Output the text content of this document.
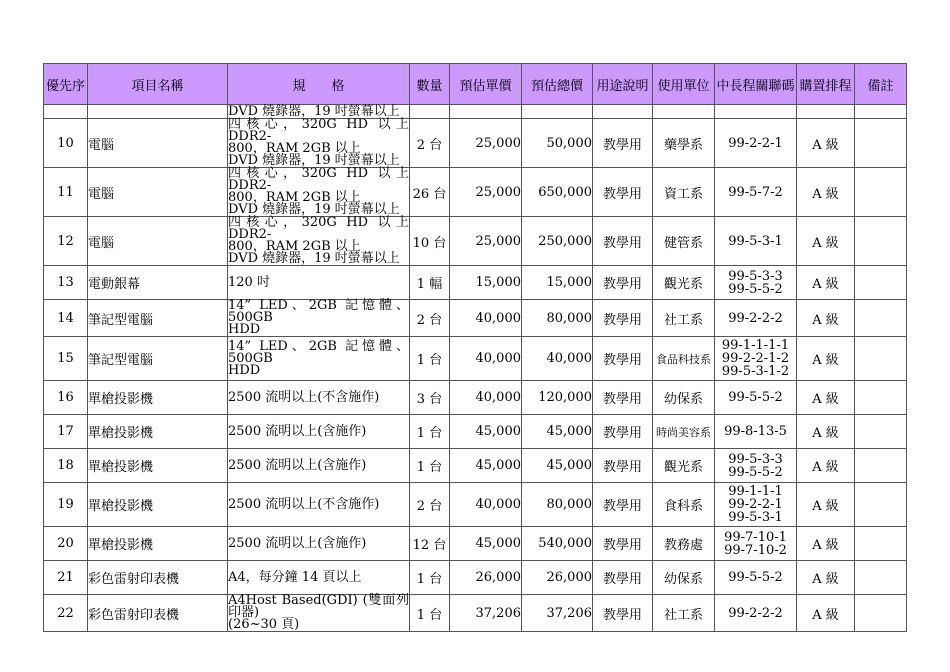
優先序	項目名稱	規　　格	數量	預估單價	預估總價	用途說明	使用單位	中長程關聯碼	購置排程	備註
		DVD 燒錄器，19 吋螢幕以上								
10	電腦	四核心，320G HD 以上 DDR2-
800，RAM 2GB 以上
DVD 燒錄器，19 吋螢幕以上	2 台	25,000	50,000	教學用	藥學系	99-2-2-1	A 級	
11	電腦	四核心，320G HD 以上 DDR2-
800，RAM 2GB 以上
DVD 燒錄器，19 吋螢幕以上	26 台	25,000	650,000	教學用	資工系	99-5-7-2	A 級	
12	電腦	四核心，320G HD 以上 DDR2-
800，RAM 2GB 以上
DVD 燒錄器，19 吋螢幕以上	10 台	25,000	250,000	教學用	健管系	99-5-3-1	A 級	
13	電動銀幕	120 吋	1 幅	15,000	15,000	教學用	觀光系	99-5-3-3
99-5-5-2	A 級	
14	筆記型電腦	14” LED、2GB 記憶體、500GB
HDD	2 台	40,000	80,000	教學用	社工系	99-2-2-2	A 級	
15	筆記型電腦	14” LED、2GB 記憶體、500GB
HDD	1 台	40,000	40,000	教學用	食品科技系	99-1-1-1-1
99-2-2-1-2
99-5-3-1-2	A 級	
16	單槍投影機	2500 流明以上(不含施作)	3 台	40,000	120,000	教學用	幼保系	99-5-5-2	A 級	
17	單槍投影機	2500 流明以上(含施作)	1 台	45,000	45,000	教學用	時尚美容系	99-8-13-5	A 級	
18	單槍投影機	2500 流明以上(含施作)	1 台	45,000	45,000	教學用	觀光系	99-5-3-3
99-5-5-2	A 級	
19	單槍投影機	2500 流明以上(不含施作)	2 台	40,000	80,000	教學用	食科系	99-1-1-1
99-2-2-1
99-5-3-1	A 級	
20	單槍投影機	2500 流明以上(含施作)	12 台	45,000	540,000	教學用	教務處	99-7-10-1
99-7-10-2	A 級	
21	彩色雷射印表機	A4，每分鐘 14 頁以上	1 台	26,000	26,000	教學用	幼保系	99-5-5-2	A 級	
22	彩色雷射印表機	A4Host Based(GDI) (雙面列印器)
(26~30 頁)	1 台	37,206	37,206	教學用	社工系	99-2-2-2	A 級	
